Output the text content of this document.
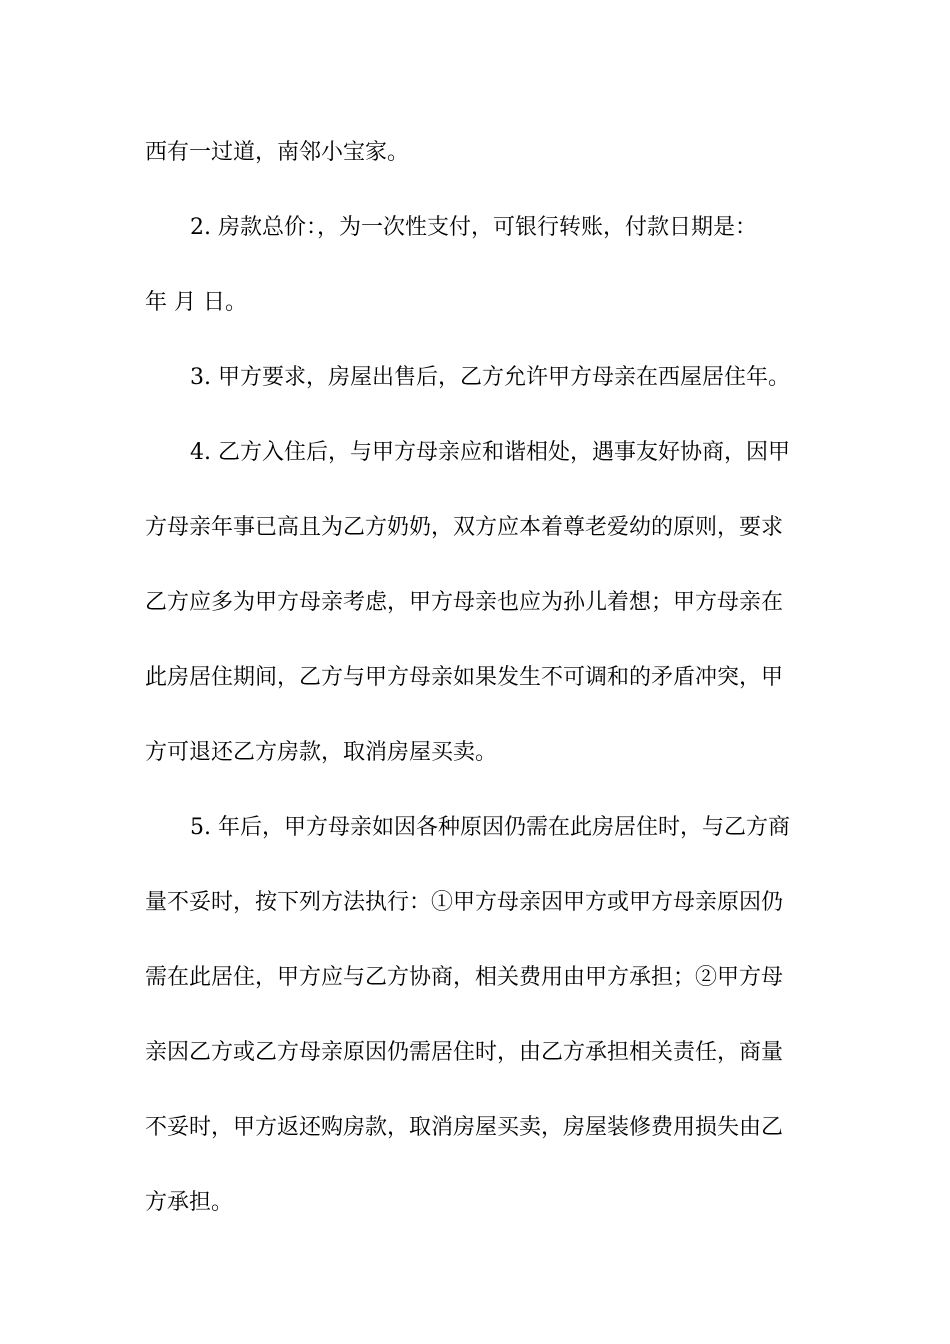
西有一过道，南邻小宝家。
2. 房款总价：，为一次性支付，可银行转账，付款日期是：
年 月 日。
3. 甲方要求，房屋出售后，乙方允许甲方母亲在西屋居住年。
4. 乙方入住后，与甲方母亲应和谐相处，遇事友好协商，因甲
方母亲年事已高且为乙方奶奶，双方应本着尊老爱幼的原则，要求
乙方应多为甲方母亲考虑，甲方母亲也应为孙儿着想；甲方母亲在
此房居住期间，乙方与甲方母亲如果发生不可调和的矛盾冲突，甲
方可退还乙方房款，取消房屋买卖。
5. 年后，甲方母亲如因各种原因仍需在此房居住时，与乙方商
量不妥时，按下列方法执行：①甲方母亲因甲方或甲方母亲原因仍
需在此居住，甲方应与乙方协商，相关费用由甲方承担；②甲方母
亲因乙方或乙方母亲原因仍需居住时，由乙方承担相关责任，商量
不妥时，甲方返还购房款，取消房屋买卖，房屋装修费用损失由乙
方承担。
